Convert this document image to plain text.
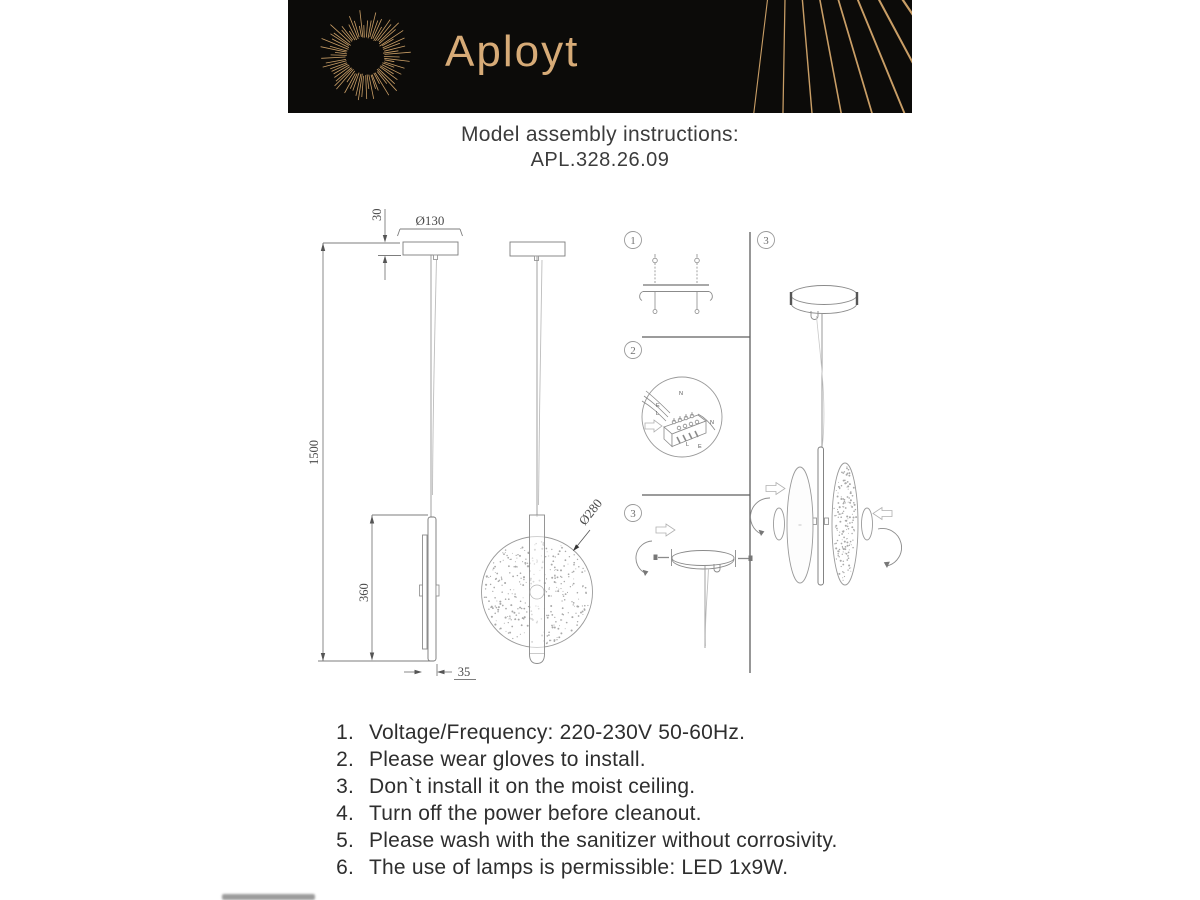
Aployt
Model assembly instructions:
APL.328.26.09
1500
30 Ø130
360
35
Ø280
1
2
3
3
N
E
L
N
L E
1. Voltage/Frequency: 220-230V 50-60Hz.
2. Please wear gloves to install.
3. Don`t install it on the moist ceiling.
4. Turn off the power before cleanout.
5. Please wash with the sanitizer without corrosivity.
6. The use of lamps is permissible: LED 1x9W.
